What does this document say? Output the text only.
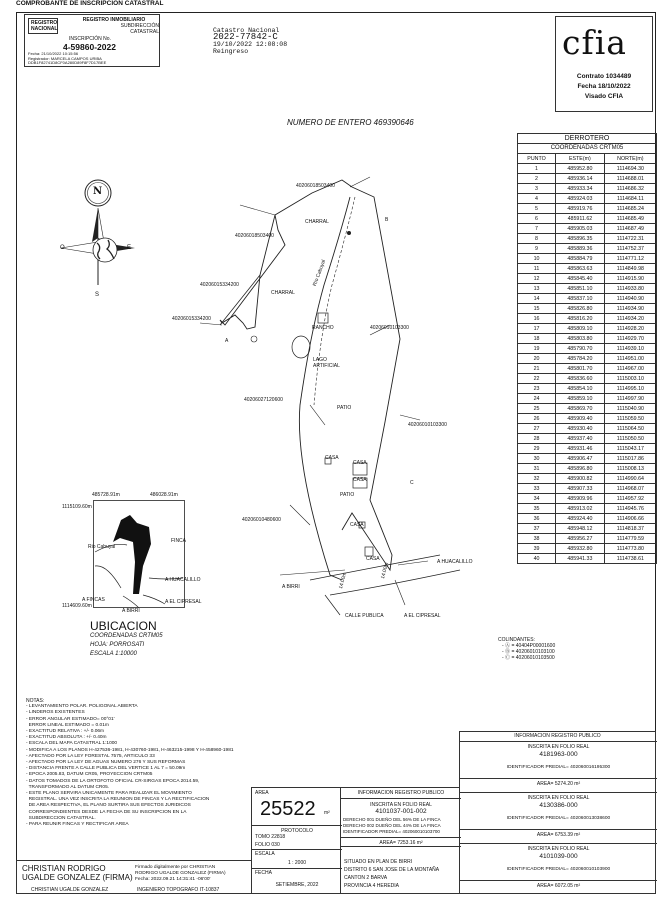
COMPROBANTE DE INSCRIPCION CATASTRAL
REGISTRO
NACIONAL
REGISTRO INMOBILIARIO
SUBDIRECCIÓN
CATASTRAL
INSCRIPCIÓN No.
4-59860-2022
Fecha: 21/10/2022 10:15:56
Registrador: MARCELA CAMPOS URIBA
DDB1F82741D8CF0A280D89F8F7D17BEE
Catastro Nacional
2022-77842-C
19/10/2022 12:08:08
Reingreso	cfia
Contrato 1034489
Fecha 18/10/2022
Visado CFIA
NUMERO DE ENTERO 469390646
DERROTERO
COORDENADAS CRTM05
PUNTO	ESTE(m)	NORTE(m)
1	485952.80	1114694.30
2	485936.14	1114688.01
3	485933.34	1114686.32
4	485924.03	1114684.11
5	485919.76	1114685.24
6	485911.62	1114685.49
7	485905.03	1114687.49
8	485896.35	1114722.31
9	485889.36	1114752.37
10	485884.79	1114771.12
11	485863.63	1114849.98
12	485845.40	1114915.90
13	485851.10	1114933.80
14	485837.10	1114940.90
15	485826.80	1114934.90
16	485816.20	1114934.20
17	485809.10	1114928.20
18	485803.80	1114929.70
19	485790.70	1114939.10
20	485784.20	1114951.00
21	485801.70	1114967.00
22	485836.60	1115003.10
23	485854.10	1114995.10
24	485859.10	1114997.90
25	485869.70	1115040.90
26	485909.40	1115059.50
27	485930.40	1115064.50
28	485937.40	1115050.50
29	485931.46	1115043.17
30	485906.47	1115017.86
31	485896.80	1115008.13
32	485900.82	1114990.64
33	485907.33	1114968.07
34	485909.96	1114957.92
35	485913.02	1114945.76
36	485924.40	1114906.66
37	485948.12	1114818.37
38	485956.27	1114779.59
39	485932.80	1114773.80
40	485941.33	1114738.61
N
O	E
S
40206018503400
40206018503400
40206015334200
40206015334200
40206010103300
40206010103300
40206027120600
40206010480600
CHARRAL
CHARRAL
Río Cabuyal
RANCHO
LAGO ARTIFICIAL
PATIO
PATIO
CASA
CASA
CASA
CASA
CASA	A HUACALILLO
A BIRRI
CALLE PUBLICA	A EL CIPRESAL
A
B
C
14.00m
14.00m
485728.91m	486028.91m
1115109.60m
1114609.60m
Rio Cabuyal
FINCA
A HUACALILLO
A EL CIPRESAL
A BIRRI
A FINCAS
UBICACION
COORDENADAS CRTM05
HOJA: PORROSATI
ESCALA 1:10000
COLINDANTES:
- Ⓐ = 40404P00001600
- Ⓑ = 40206010103100
- Ⓒ = 40206010103500
NOTAS:
- LEVANTAMIENTO POLAR. POLIGONAL ABIERTA
- LINDEROS EXISTENTES
- ERROR ANGULAR ESTIMADO= 00°01'
ERROR LINEAL ESTIMADO = 0.01m
- EXACTITUD RELATIVA : +/- 0.06m
- EXACTITUD ABSOLUTA : +/- 0.40m
- ESCALA DEL MAPA CATASTRAL 1:1000
- MODIFICA A LOS PLANOS H-427536-1981, H-430760-1981, H-463215-1998 Y H-458960-1981
- AFECTADO POR LA LEY FORESTAL 7575, ARTICULO 33
- AFECTADO POR LA LEY DE AGUAS NUMERO 276 Y SUS REFORMAS
- DISTANCIA FRENTE A CALLE PUBLICA DEL VERTICE 1 AL 7 = 50.09m
- EPOCA 2005.83, DATUM CR05, PROYECCION CRTM05
- DATOS TOMADOS DE LA ORTOFOTO OFICIAL CR-SIRGAS EPOCA 2014.59,
TRANSFORMADO AL DATUM CR05.
- ESTE PLANO SERVIRA UNICAMENTE PARA REALIZAR EL MOVIMIENTO
REGISTRAL. UNA VEZ INSCRITA LA REUNION DE FINCAS Y LA RECTIFICACION
DE AREA RESPECTIVA, EL PLANO SURTIRA SUS EFECTOS JURIDICOS
CORRESPONDIENTES DESDE LA FECHA DE SU INSCRIPCION EN LA
SUBDIRECCION CATASTRAL.
- PARA REUNIR FINCAS Y RECTIFICAR AREA
INFORMACION REGISTRO PUBLICO
INSCRITA EN FOLIO REAL
4181963-000
IDENTIFICADOR PREDIAL= 402060016195300
AREA= 5274.20 m²
INSCRITA EN FOLIO REAL
4130386-000
IDENTIFICADOR PREDIAL= 402060013038600
AREA= 6753.39 m²
INSCRITA EN FOLIO REAL
4101039-000
IDENTIFICADOR PREDIAL= 402060010103900
AREA= 6072.05 m²
INFORMACION REGISTRO PUBLICO
INSCRITA EN FOLIO REAL
4101037-001-002
DERECHO 001 DUEÑO DEL 56% DE LA FINCA
DERECHO 002 DUEÑO DEL 44% DE LA FINCA
IDENTIFICADOR PREDIAL= 402060010103700
AREA= 7253.16 m²
SITUADO EN PLAN DE BIRRI
DISTRITO 6 SAN JOSE DE LA MONTAÑA
CANTON 2 BARVA
PROVINCIA 4 HEREDIA
AREA
25522 m²
PROTOCOLO
TOMO 22818
FOLIO 030
ESCALA
1 : 2000
FECHA
SETIEMBRE, 2022
CHRISTIAN RODRIGO
UGALDE GONZALEZ (FIRMA)
Firmado digitalmente por CHRISTIAN
RODRIGO UGALDE GONZALEZ (FIRMA)
Fecha: 2022.09.21 14:31:41 -06'00'
CHRISTIAN UGALDE GONZALEZ	INGENIERO TOPOGRAFO IT-10837
